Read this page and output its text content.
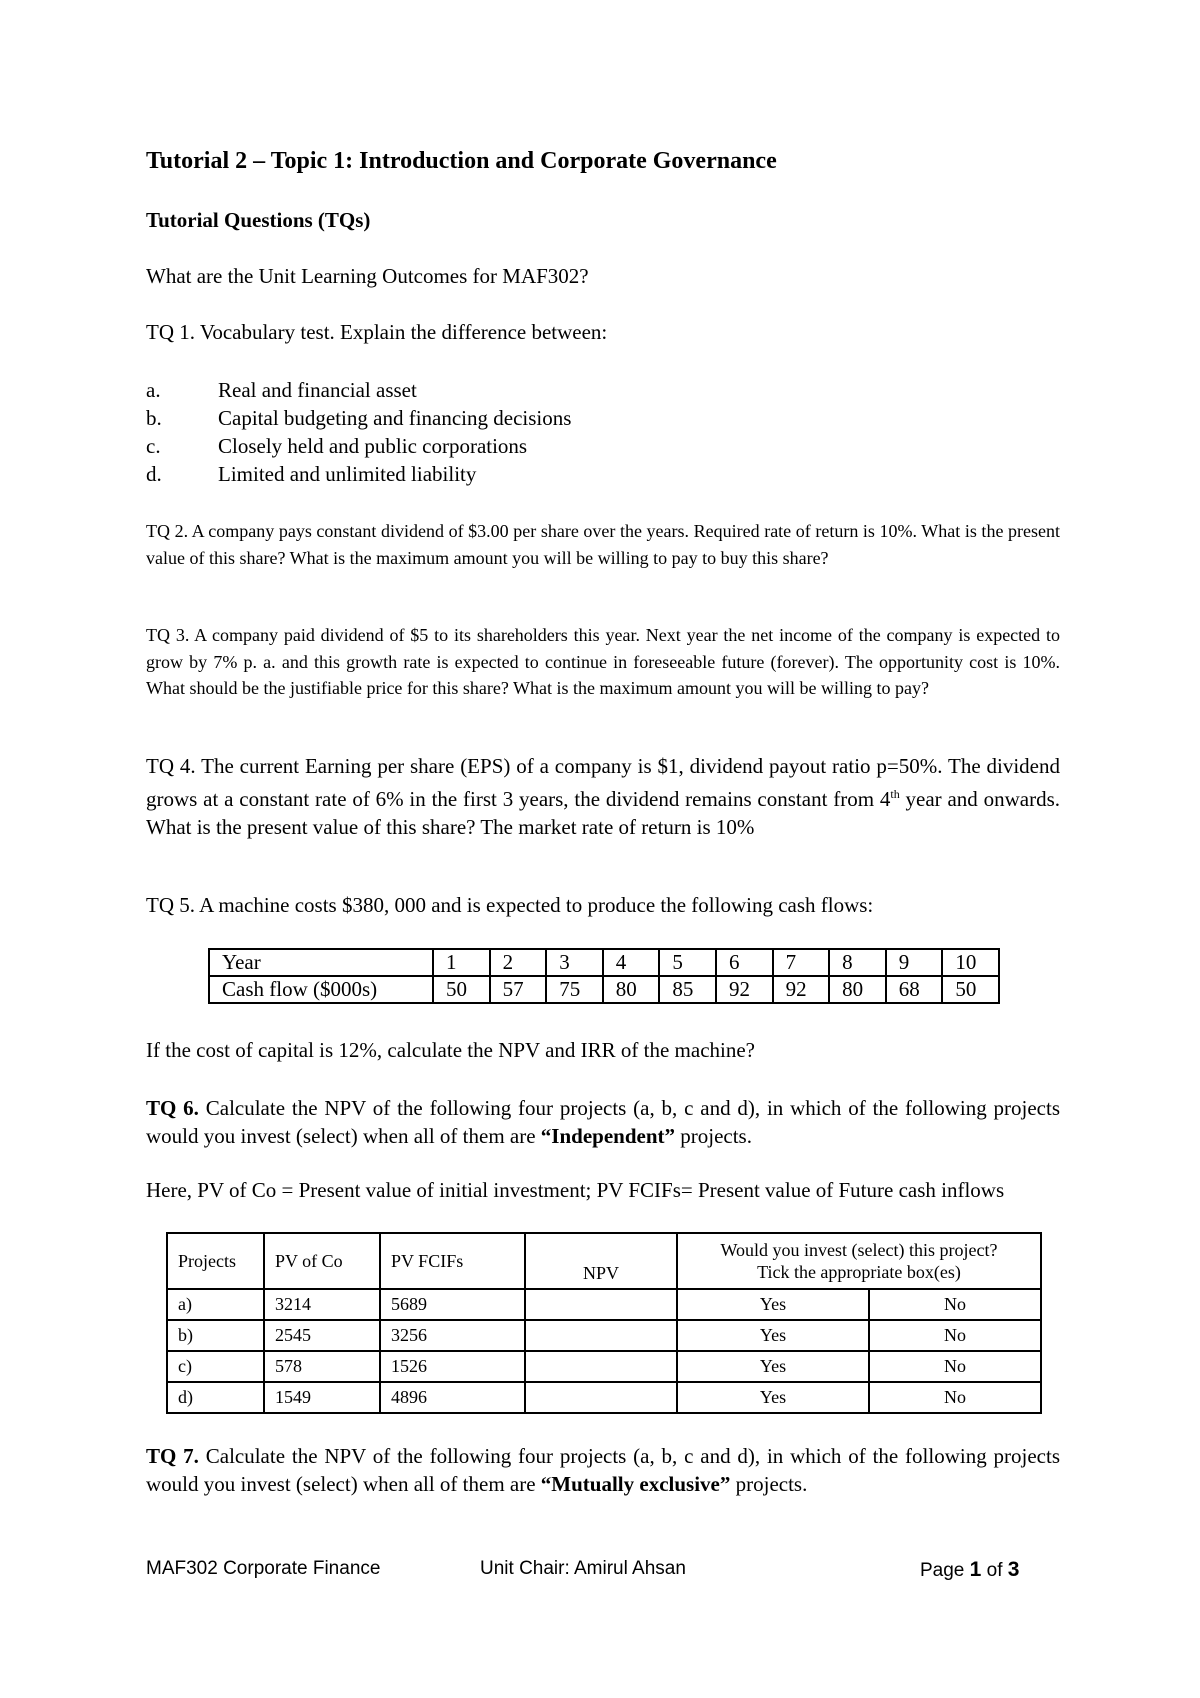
Tutorial 2 – Topic 1: Introduction and Corporate Governance
Tutorial Questions (TQs)
What are the Unit Learning Outcomes for MAF302?
TQ 1. Vocabulary test. Explain the difference between:
a.	Real and financial asset
b.	Capital budgeting and financing decisions
c.	Closely held and public corporations
d.	Limited and unlimited liability
TQ 2. A company pays constant dividend of $3.00 per share over the years. Required rate of return is 10%. What is the present value of this share? What is the maximum amount you will be willing to pay to buy this share?
TQ 3. A company paid dividend of $5 to its shareholders this year. Next year the net income of the company is expected to grow by 7% p. a. and this growth rate is expected to continue in foreseeable future (forever). The opportunity cost is 10%. What should be the justifiable price for this share? What is the maximum amount you will be willing to pay?
TQ 4. The current Earning per share (EPS) of a company is $1, dividend payout ratio p=50%. The dividend grows at a constant rate of 6% in the first 3 years, the dividend remains constant from 4th year and onwards. What is the present value of this share? The market rate of return is 10%
TQ 5. A machine costs $380, 000 and is expected to produce the following cash flows:
Year	1	2	3	4	5	6	7	8	9	10
Cash flow ($000s)	50	57	75	80	85	92	92	80	68	50
If the cost of capital is 12%, calculate the NPV and IRR of the machine?
TQ 6. Calculate the NPV of the following four projects (a, b, c and d), in which of the following projects would you invest (select) when all of them are “Independent” projects.
Here, PV of Co = Present value of initial investment; PV FCIFs= Present value of Future cash inflows
Projects	PV of Co	PV FCIFs	NPV	Would you invest (select) this project?
Tick the appropriate box(es)	

a)	3214	5689		Yes	No
b)	2545	3256		Yes	No
c)	578	1526		Yes	No
d)	1549	4896		Yes	No
TQ 7. Calculate the NPV of the following four projects (a, b, c and d), in which of the following projects would you invest (select) when all of them are “Mutually exclusive” projects.
MAF302 Corporate Finance	Unit Chair: Amirul Ahsan	Page 1 of 3
